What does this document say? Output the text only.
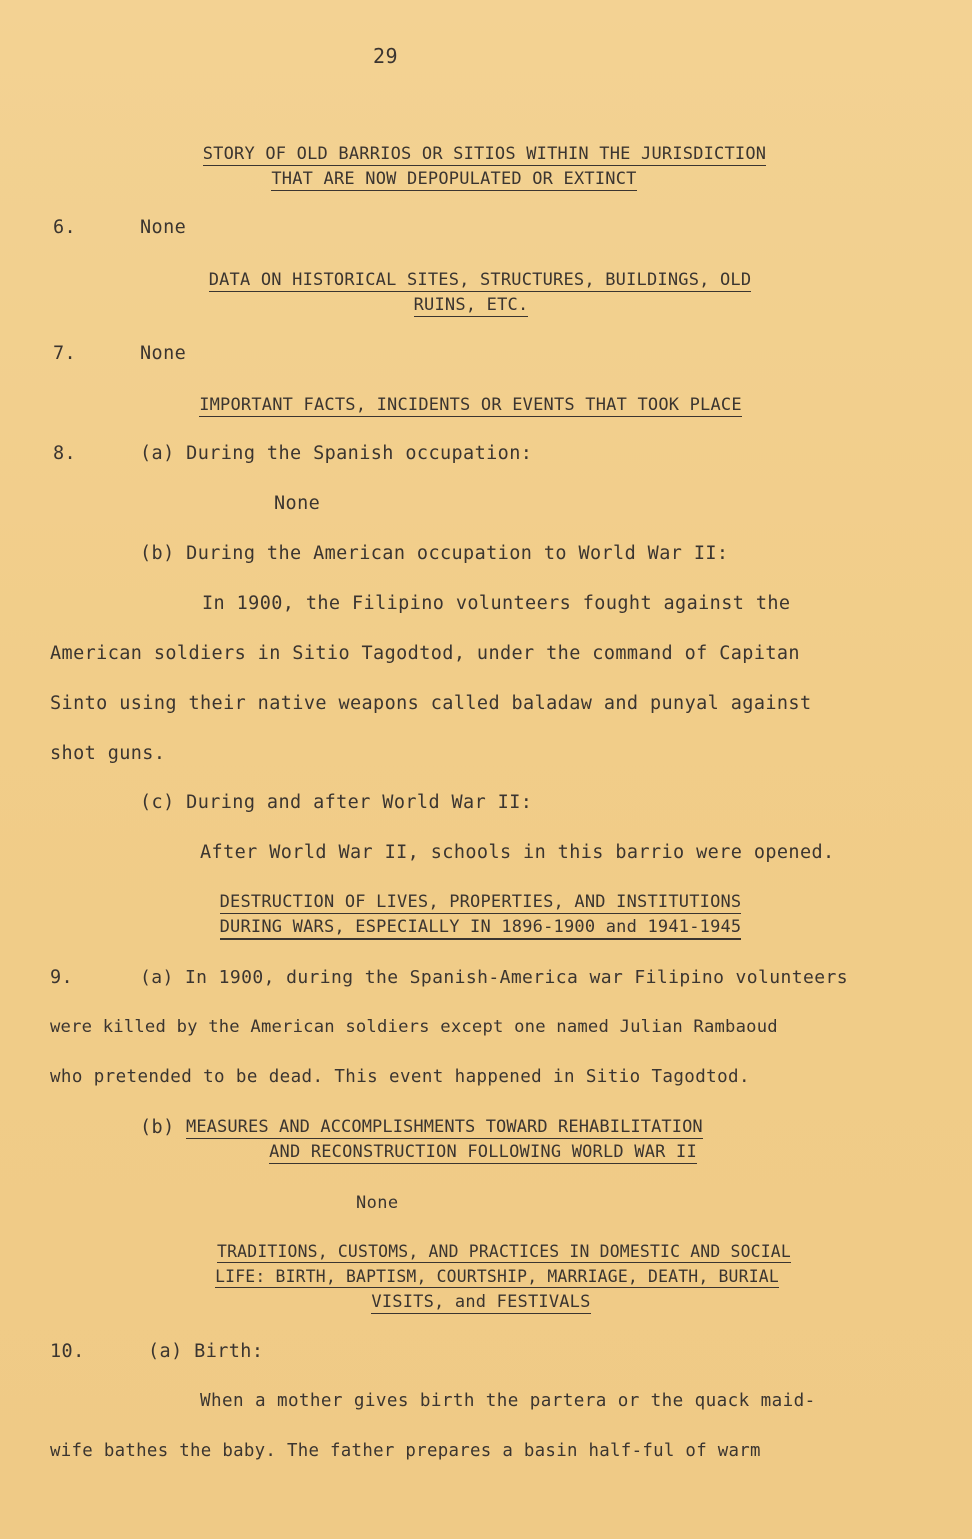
29
STORY OF OLD BARRIOS OR SITIOS WITHIN THE JURISDICTION
THAT ARE NOW DEPOPULATED OR EXTINCT
6.	None
DATA ON HISTORICAL SITES, STRUCTURES, BUILDINGS, OLD
RUINS, ETC.
7.	None
IMPORTANT FACTS, INCIDENTS OR EVENTS THAT TOOK PLACE
8.	(a) During the Spanish occupation:
None
(b) During the American occupation to World War II:
In 1900, the Filipino volunteers fought against the
American soldiers in Sitio Tagodtod, under the command of Capitan
Sinto using their native weapons called baladaw and punyal against
shot guns.
(c) During and after World War II:
After World War II, schools in this barrio were opened.
DESTRUCTION OF LIVES, PROPERTIES, AND INSTITUTIONS
DURING WARS, ESPECIALLY IN 1896-1900 and 1941-1945
9.	(a) In 1900, during the Spanish-America war Filipino volunteers
were killed by the American soldiers except one named Julian Rambaoud
who pretended to be dead. This event happened in Sitio Tagodtod.
(b) MEASURES AND ACCOMPLISHMENTS TOWARD REHABILITATION
AND RECONSTRUCTION FOLLOWING WORLD WAR II
None
TRADITIONS, CUSTOMS, AND PRACTICES IN DOMESTIC AND SOCIAL
LIFE: BIRTH, BAPTISM, COURTSHIP, MARRIAGE, DEATH, BURIAL
VISITS, and FESTIVALS
10.	(a) Birth:
When a mother gives birth the partera or the quack maid-
wife bathes the baby. The father prepares a basin half-ful of warm
